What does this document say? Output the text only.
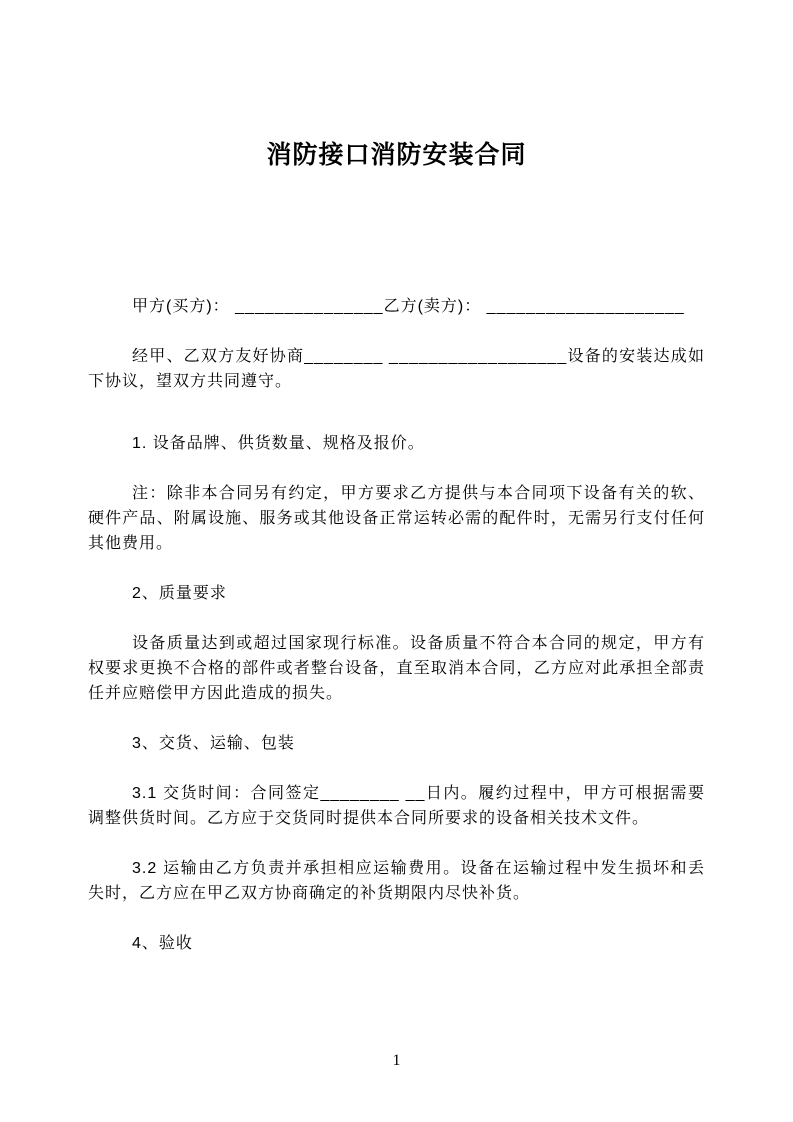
消防接口消防安装合同

甲方(买方)： _______________乙方(卖方)： ____________________

经甲、乙双方友好协商________ __________________设备的安装达成如下协议，望双方共同遵守。

1. 设备品牌、供货数量、规格及报价。

注：除非本合同另有约定，甲方要求乙方提供与本合同项下设备有关的软、硬件产品、附属设施、服务或其他设备正常运转必需的配件时，无需另行支付任何其他费用。

2、质量要求

设备质量达到或超过国家现行标准。设备质量不符合本合同的规定，甲方有权要求更换不合格的部件或者整台设备，直至取消本合同，乙方应对此承担全部责任并应赔偿甲方因此造成的损失。

3、交货、运输、包装

3.1 交货时间：合同签定________ __日内。履约过程中，甲方可根据需要调整供货时间。乙方应于交货同时提供本合同所要求的设备相关技术文件。

3.2 运输由乙方负责并承担相应运输费用。设备在运输过程中发生损坏和丢失时，乙方应在甲乙双方协商确定的补货期限内尽快补货。

4、验收

1
